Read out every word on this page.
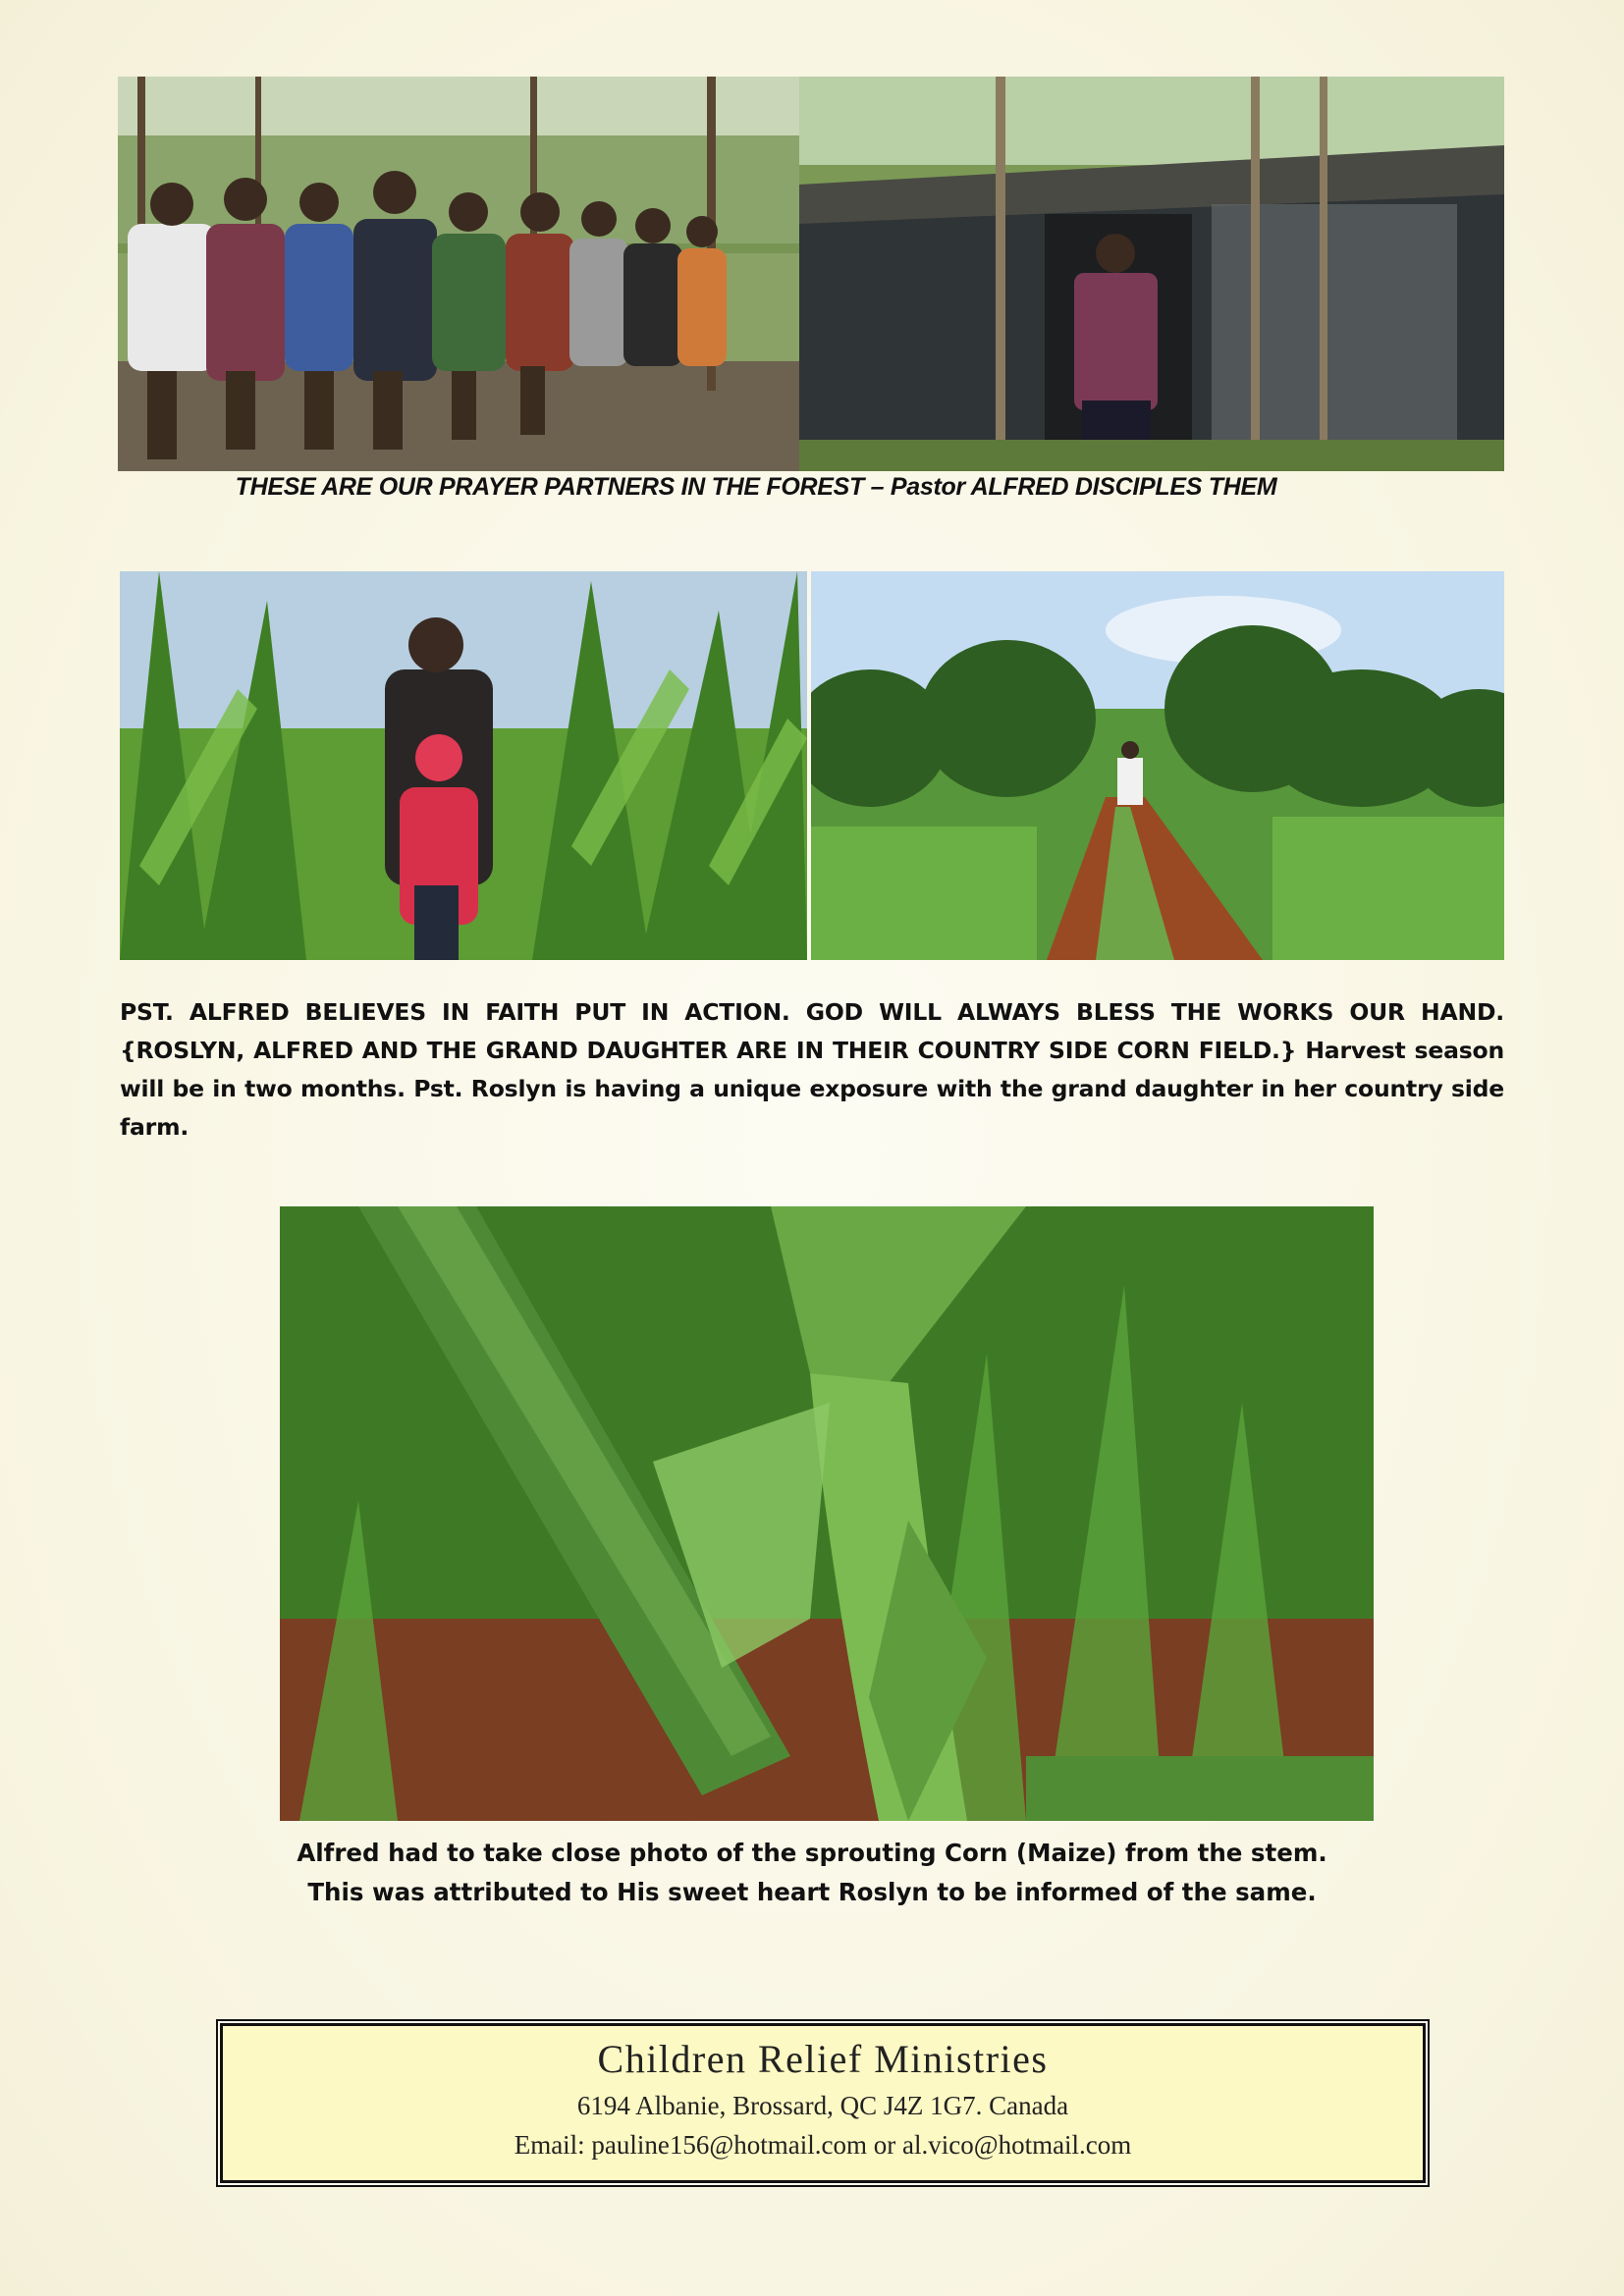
THESE ARE OUR PRAYER PARTNERS IN THE FOREST – Pastor ALFRED DISCIPLES THEM
PST. ALFRED BELIEVES IN FAITH PUT IN ACTION. GOD WILL ALWAYS BLESS THE WORKS OUR HAND. {ROSLYN, ALFRED AND THE GRAND DAUGHTER ARE IN THEIR COUNTRY SIDE CORN FIELD.} Harvest season will be in two months. Pst. Roslyn is having a unique exposure with the grand daughter in her country side farm.
Alfred had to take close photo of the sprouting Corn (Maize) from the stem.
This was attributed to His sweet heart Roslyn to be informed of the same.
Children Relief Ministries
6194 Albanie, Brossard, QC J4Z 1G7. Canada
Email: pauline156@hotmail.com or al.vico@hotmail.com
